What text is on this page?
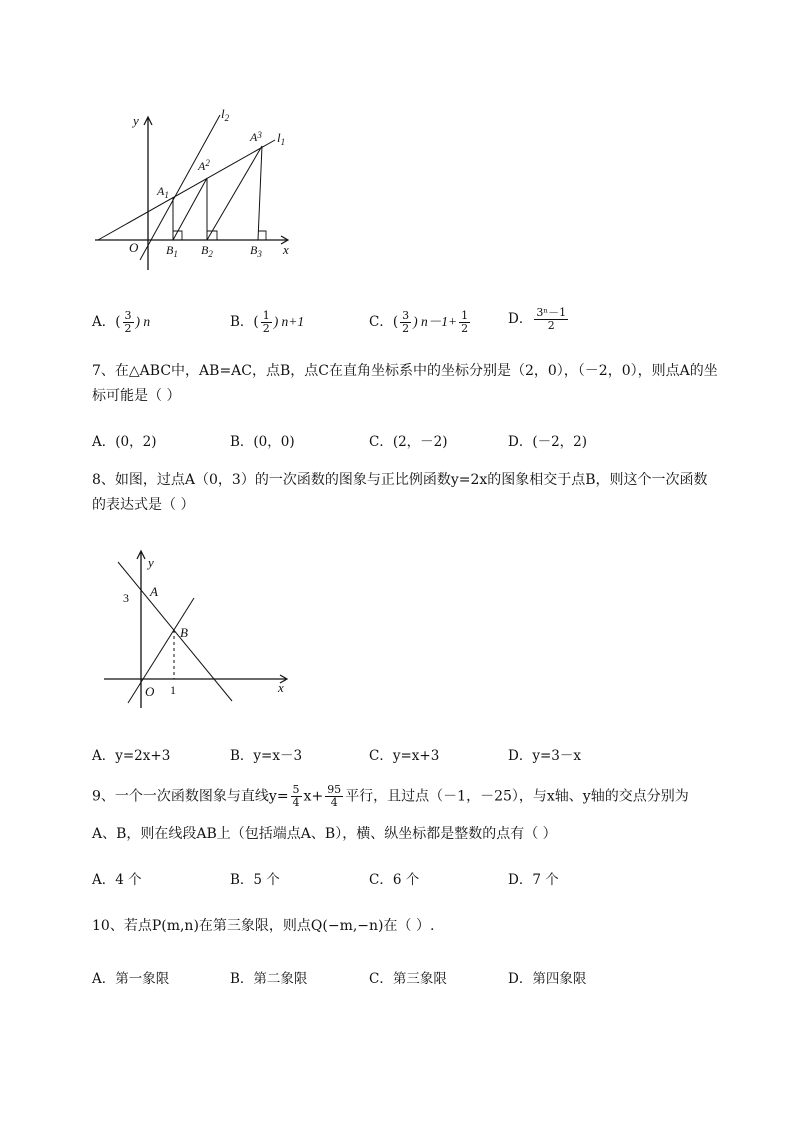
y
x
O
$l_2$
$l_1$
$A_1$
$A^2$
$A^3$
$B_1$ $B_2$	$B_3$
A．( $\frac{3}{2}$ ) n	B．( $\frac{1}{2}$ ) n+1	C．( $\frac{3}{2}$ ) $n-1+ \frac{1}{2}$	D． $\frac{\text{3ⁿ－1}}{2}$
7、在△ABC中，AB=AC，点B，点C在直角坐标系中的坐标分别是（2，0），（－2，0），则点A的坐
标可能是（ ）
A．(0，2)	B．(0，0)	C．(2，－2)	D．(－2，2)
8、如图，过点A（0，3）的一次函数的图象与正比例函数y=2x的图象相交于点B，则这个一次函数
的表达式是（ ）
y
x
O
A
B
3
1
A．y=2x+3	B．y=x－3	C．y=x+3	D．y=3－x
9、一个一次函数图象与直线$y= \frac{5}{4} x+ \frac{95}{4}$ 平行，且过点（－1，－25），与x轴、y轴的交点分别为
A、B，则在线段AB上（包括端点A、B），横、纵坐标都是整数的点有（ ）
A．4 个	B．5 个	C．6 个	D．7 个
10、若点P(m,n)在第三象限，则点Q(−m,−n)在（ ）.
A．第一象限	B．第二象限	C．第三象限	D．第四象限
